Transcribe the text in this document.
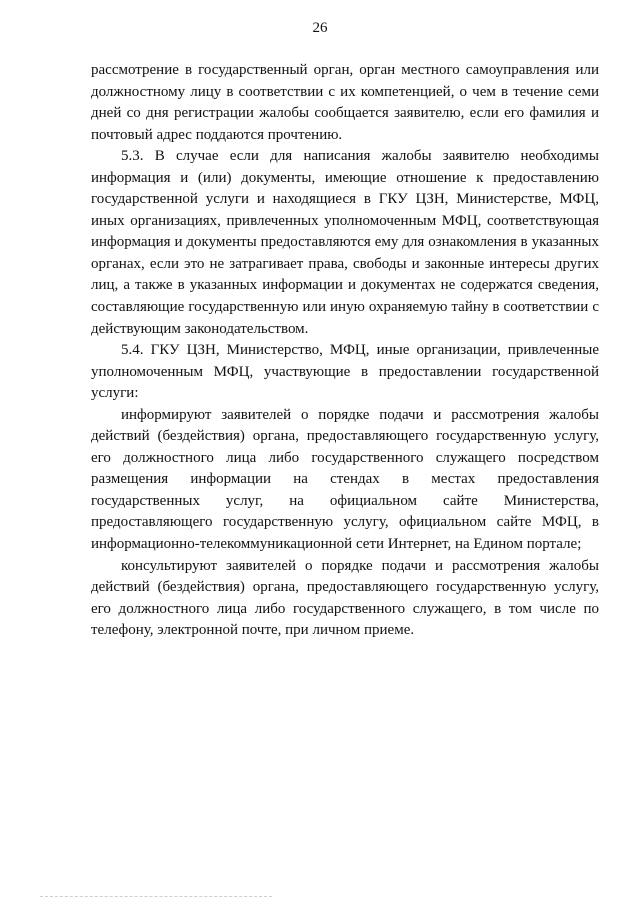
26

рассмотрение в государственный орган, орган местного самоуправления или должностному лицу в соответствии с их компетенцией, о чем в течение семи дней со дня регистрации жалобы сообщается заявителю, если его фамилия и почтовый адрес поддаются прочтению.

5.3. В случае если для написания жалобы заявителю необходимы информация и (или) документы, имеющие отношение к предоставлению государственной услуги и находящиеся в ГКУ ЦЗН, Министерстве, МФЦ, иных организациях, привлеченных уполномоченным МФЦ, соответствующая информация и документы предоставляются ему для ознакомления в указанных органах, если это не затрагивает права, свободы и законные интересы других лиц, а также в указанных информации и документах не содержатся сведения, составляющие государственную или иную охраняемую тайну в соответствии с действующим законодательством.

5.4. ГКУ ЦЗН, Министерство, МФЦ, иные организации, привлеченные уполномоченным МФЦ, участвующие в предоставлении государственной услуги:

информируют заявителей о порядке подачи и рассмотрения жалобы действий (бездействия) органа, предоставляющего государственную услугу, его должностного лица либо государственного служащего посредством размещения информации на стендах в местах предоставления государственных услуг, на официальном сайте Министерства, предоставляющего государственную услугу, официальном сайте МФЦ, в информационно-телекоммуникационной сети Интернет, на Едином портале;

консультируют заявителей о порядке подачи и рассмотрения жалобы действий (бездействия) органа, предоставляющего государственную услугу, его должностного лица либо государственного служащего, в том числе по телефону, электронной почте, при личном приеме.
